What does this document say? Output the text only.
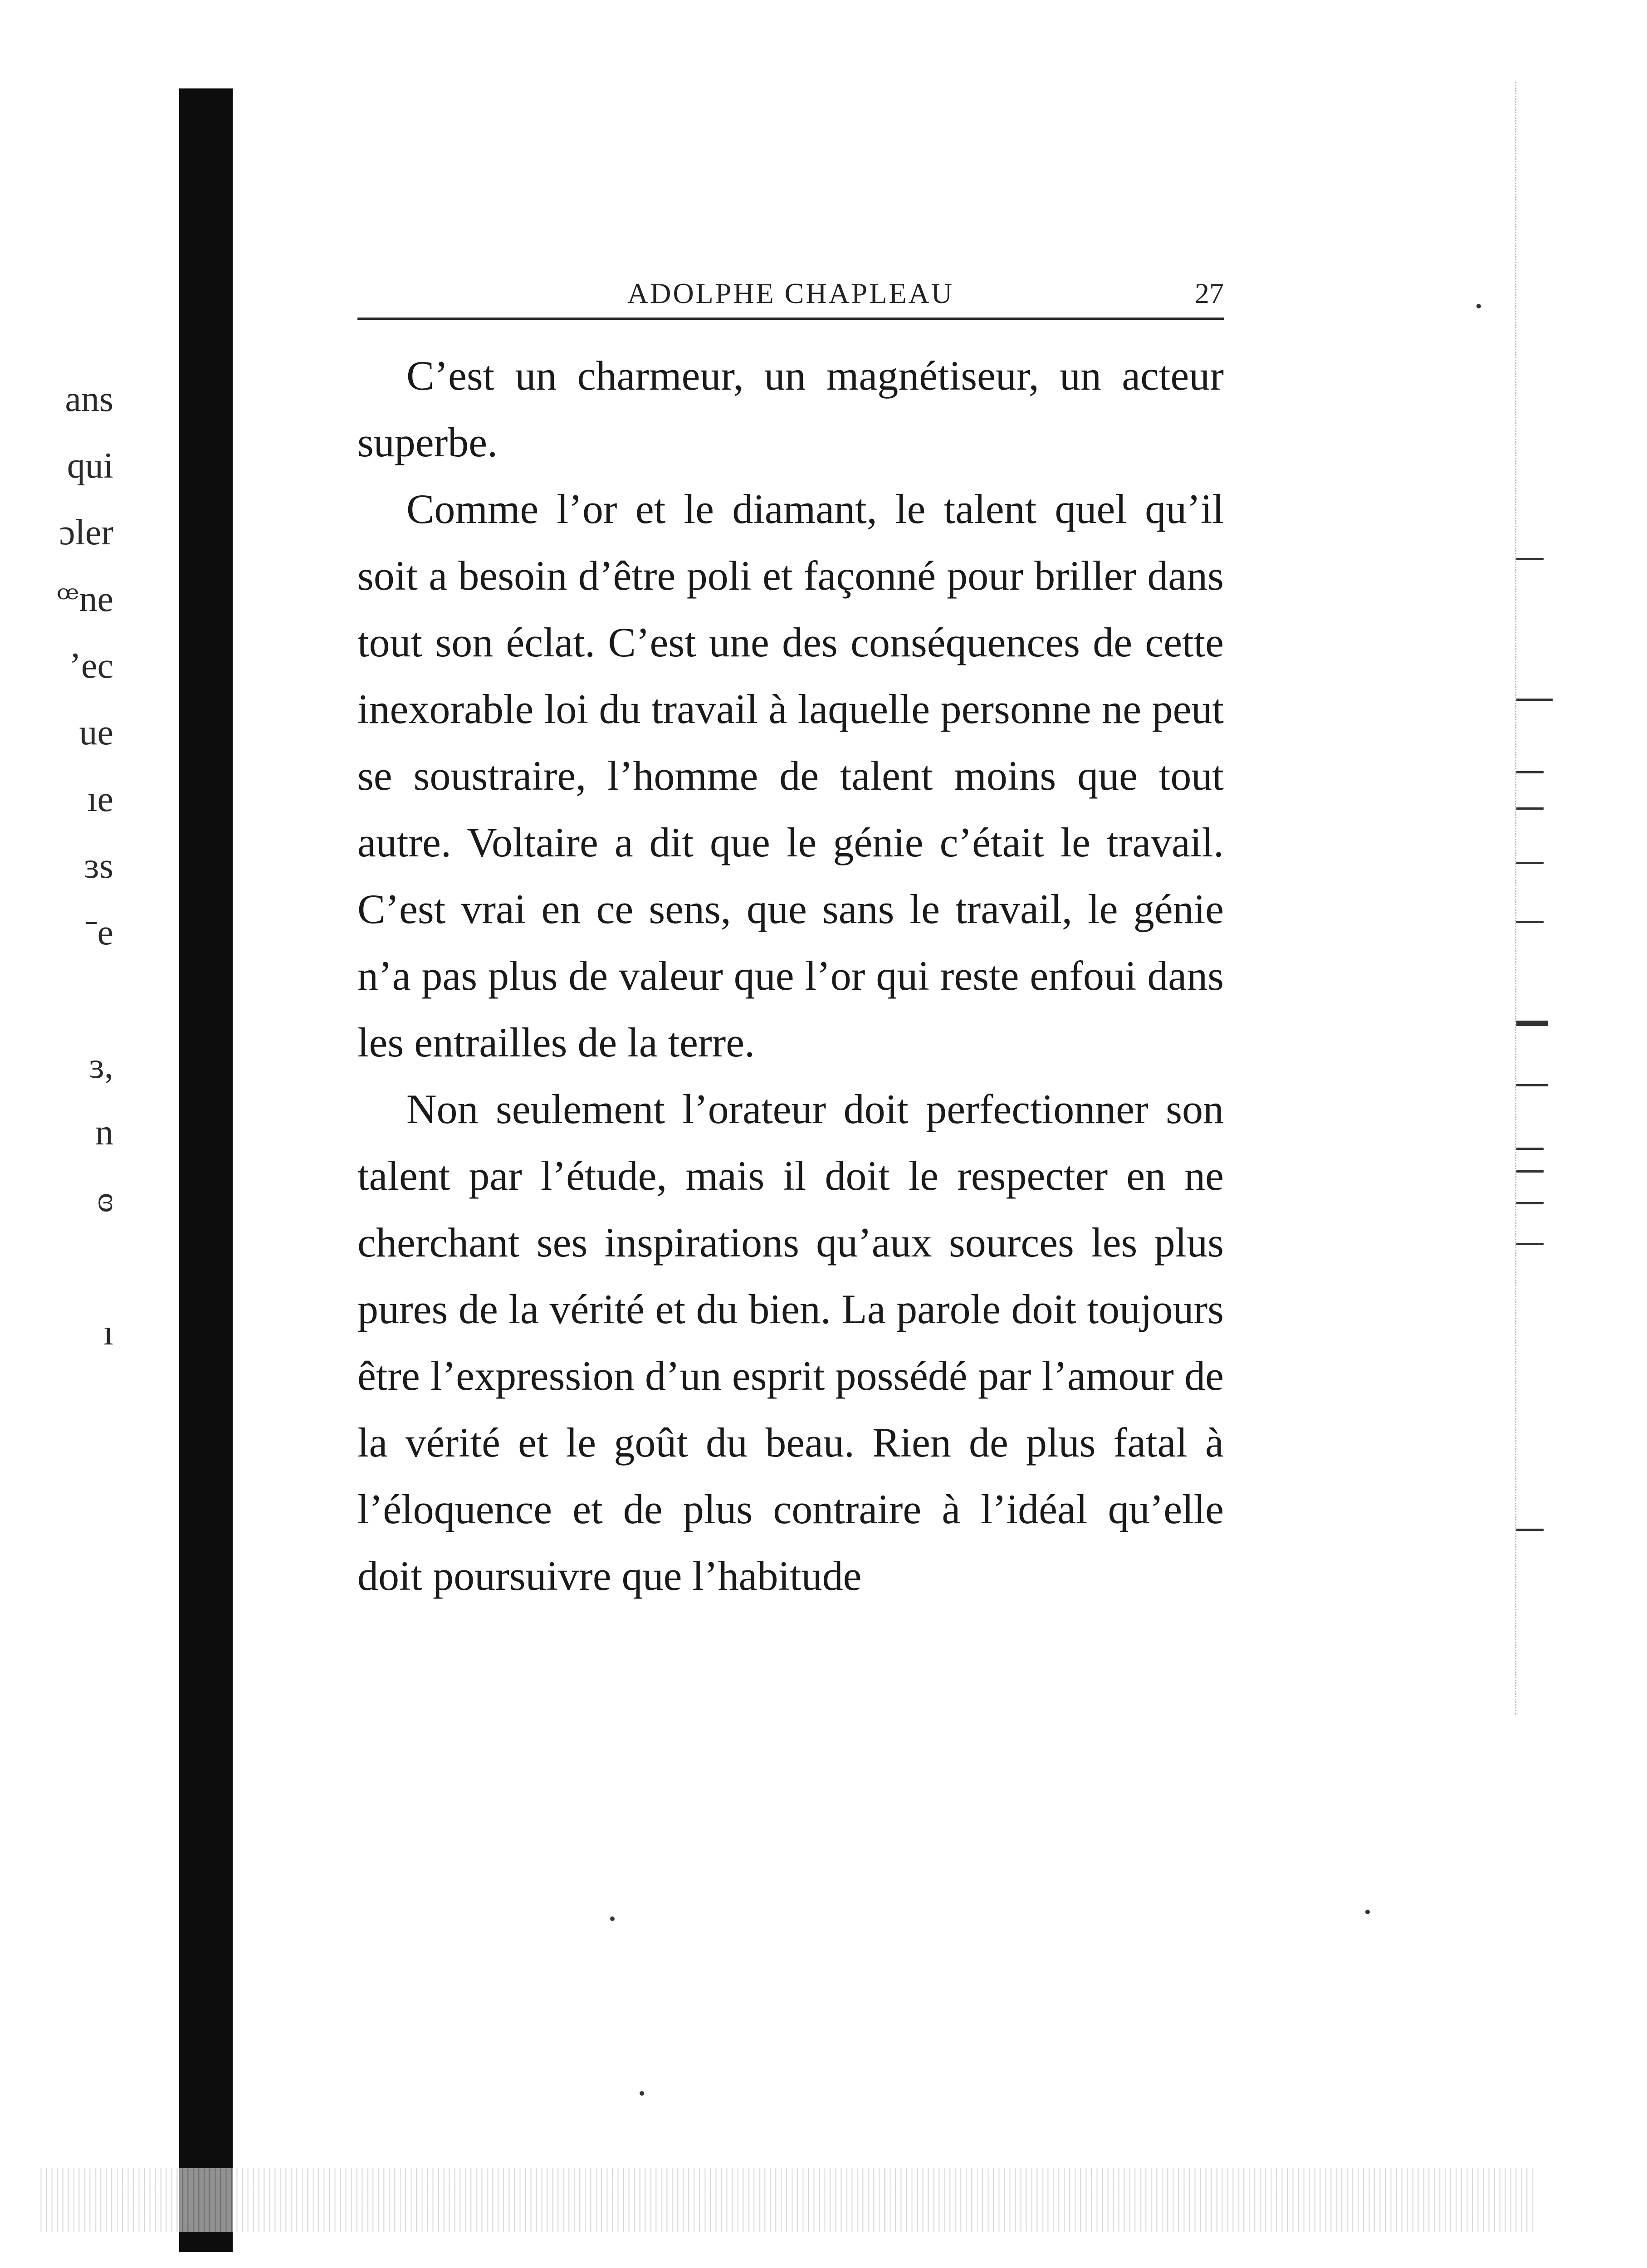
ans
qui
ɔler
ꟹne
ʼec
ue
ıe
ɜs
ˉe
ɜ,
n
ɞ
ı
ADOLPHE CHAPLEAU	27

C’est un charmeur, un magnétiseur, un acteur superbe.

Comme l’or et le diamant, le talent quel qu’il soit a besoin d’être poli et façonné pour briller dans tout son éclat. C’est une des conséquences de cette inexorable loi du travail à laquelle personne ne peut se soustraire, l’homme de talent moins que tout autre. Voltaire a dit que le génie c’était le travail. C’est vrai en ce sens, que sans le travail, le génie n’a pas plus de valeur que l’or qui reste enfoui dans les entrailles de la terre.

Non seulement l’orateur doit perfectionner son talent par l’étude, mais il doit le respecter en ne cherchant ses inspirations qu’aux sources les plus pures de la vérité et du bien. La parole doit toujours être l’expression d’un esprit possédé par l’amour de la vérité et le goût du beau. Rien de plus fatal à l’éloquence et de plus contraire à l’idéal qu’elle doit poursuivre que l’habitude
